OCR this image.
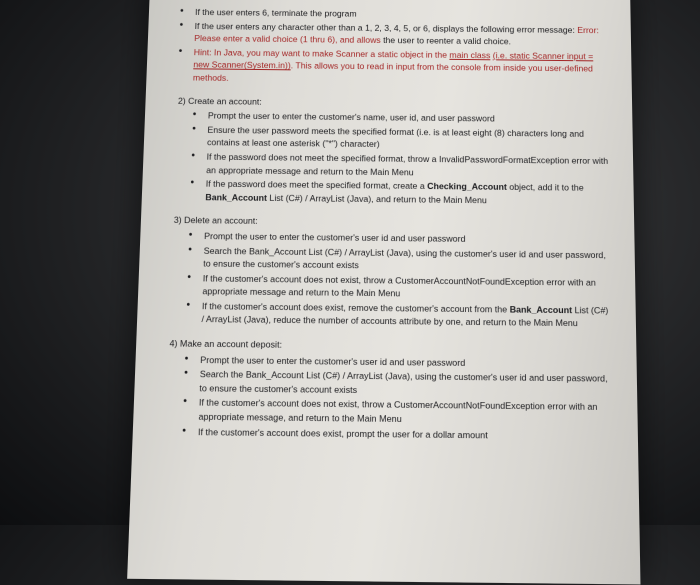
• If the user enters 6, terminate the program
• If the user enters any character other than a 1, 2, 3, 4, 5, or 6, displays the following error message: Error: Please enter a valid choice (1 thru 6), and allows the user to reenter a valid choice.
• Hint: In Java, you may want to make Scanner a static object in the main class (i.e. static Scanner input = new Scanner(System.in)). This allows you to read in input from the console from inside you user-defined methods.
2) Create an account:
• Prompt the user to enter the customer's name, user id, and user password
• Ensure the user password meets the specified format (i.e. is at least eight (8) characters long and contains at least one asterisk ("*") character)
• If the password does not meet the specified format, throw a InvalidPasswordFormatException error with an appropriate message and return to the Main Menu
• If the password does meet the specified format, create a Checking_Account object, add it to the Bank_Account List (C#) / ArrayList (Java), and return to the Main Menu
3) Delete an account:
• Prompt the user to enter the customer's user id and user password
• Search the Bank_Account List (C#) / ArrayList (Java), using the customer's user id and user password, to ensure the customer's account exists
• If the customer's account does not exist, throw a CustomerAccountNotFoundException error with an appropriate message and return to the Main Menu
• If the customer's account does exist, remove the customer's account from the Bank_Account List (C#) / ArrayList (Java), reduce the number of accounts attribute by one, and return to the Main Menu
4) Make an account deposit:
• Prompt the user to enter the customer's user id and user password
• Search the Bank_Account List (C#) / ArrayList (Java), using the customer's user id and user password, to ensure the customer's account exists
• If the customer's account does not exist, throw a CustomerAccountNotFoundException error with an appropriate message, and return to the Main Menu
• If the customer's account does exist, prompt the user for a dollar amount
